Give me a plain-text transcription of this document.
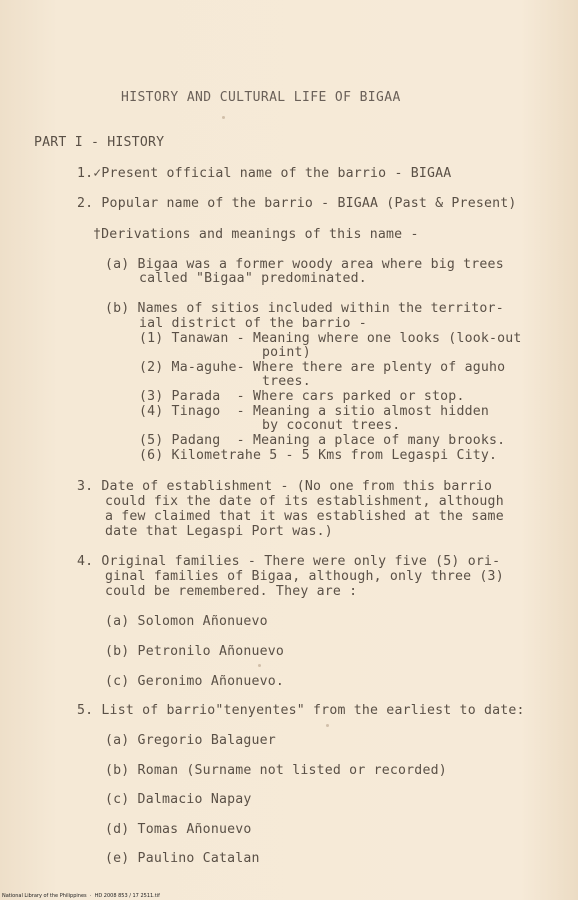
HISTORY AND CULTURAL LIFE OF BIGAA
PART I - HISTORY
1.✓Present official name of the barrio - BIGAA
2. Popular name of the barrio - BIGAA (Past & Present)
†Derivations and meanings of this name -
(a) Bigaa was a former woody area where big trees
called "Bigaa" predominated.
(b) Names of sitios included within the territor-
ial district of the barrio -
(1) Tanawan - Meaning where one looks (look-out
point)
(2) Ma-aguhe- Where there are plenty of aguho
trees.
(3) Parada  - Where cars parked or stop.
(4) Tinago  - Meaning a sitio almost hidden
by coconut trees.
(5) Padang  - Meaning a place of many brooks.
(6) Kilometrahe 5 - 5 Kms from Legaspi City.
3. Date of establishment - (No one from this barrio
could fix the date of its establishment, although
a few claimed that it was established at the same
date that Legaspi Port was.)
4. Original families - There were only five (5) ori-
ginal families of Bigaa, although, only three (3)
could be remembered. They are :
(a) Solomon Añonuevo
(b) Petronilo Añonuevo
(c) Geronimo Añonuevo.
5. List of barrio"tenyentes" from the earliest to date:
(a) Gregorio Balaguer
(b) Roman (Surname not listed or recorded)
(c) Dalmacio Napay
(d) Tomas Añonuevo
(e) Paulino Catalan
National Library of the Philippines  ·  HD 2008 853 / 17 2511.tif
